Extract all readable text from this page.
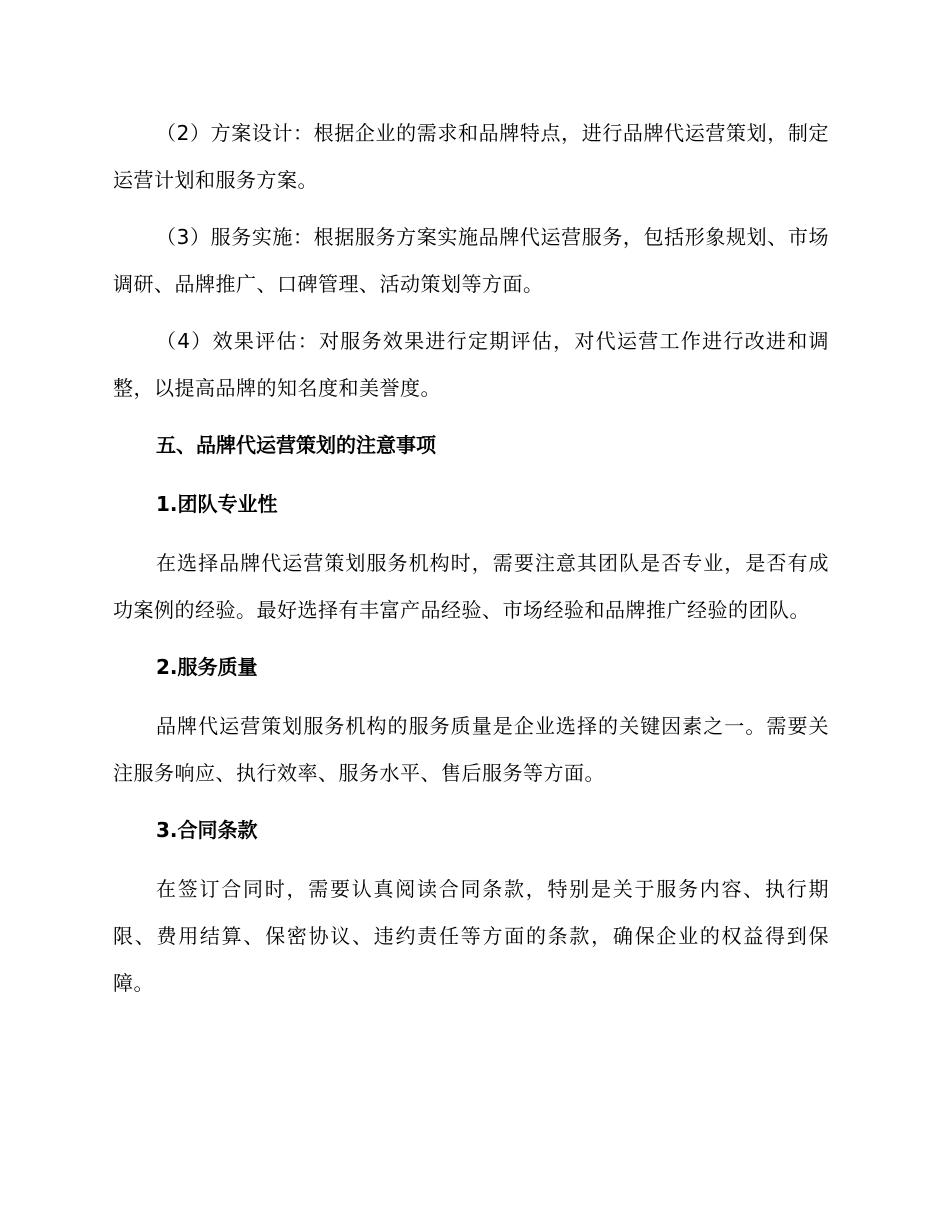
（2）方案设计：根据企业的需求和品牌特点，进行品牌代运营策划，制定运营计划和服务方案。

（3）服务实施：根据服务方案实施品牌代运营服务，包括形象规划、市场调研、品牌推广、口碑管理、活动策划等方面。

（4）效果评估：对服务效果进行定期评估，对代运营工作进行改进和调整，以提高品牌的知名度和美誉度。

五、品牌代运营策划的注意事项

1.团队专业性

在选择品牌代运营策划服务机构时，需要注意其团队是否专业，是否有成功案例的经验。最好选择有丰富产品经验、市场经验和品牌推广经验的团队。

2.服务质量

品牌代运营策划服务机构的服务质量是企业选择的关键因素之一。需要关注服务响应、执行效率、服务水平、售后服务等方面。

3.合同条款

在签订合同时，需要认真阅读合同条款，特别是关于服务内容、执行期限、费用结算、保密协议、违约责任等方面的条款，确保企业的权益得到保障。
